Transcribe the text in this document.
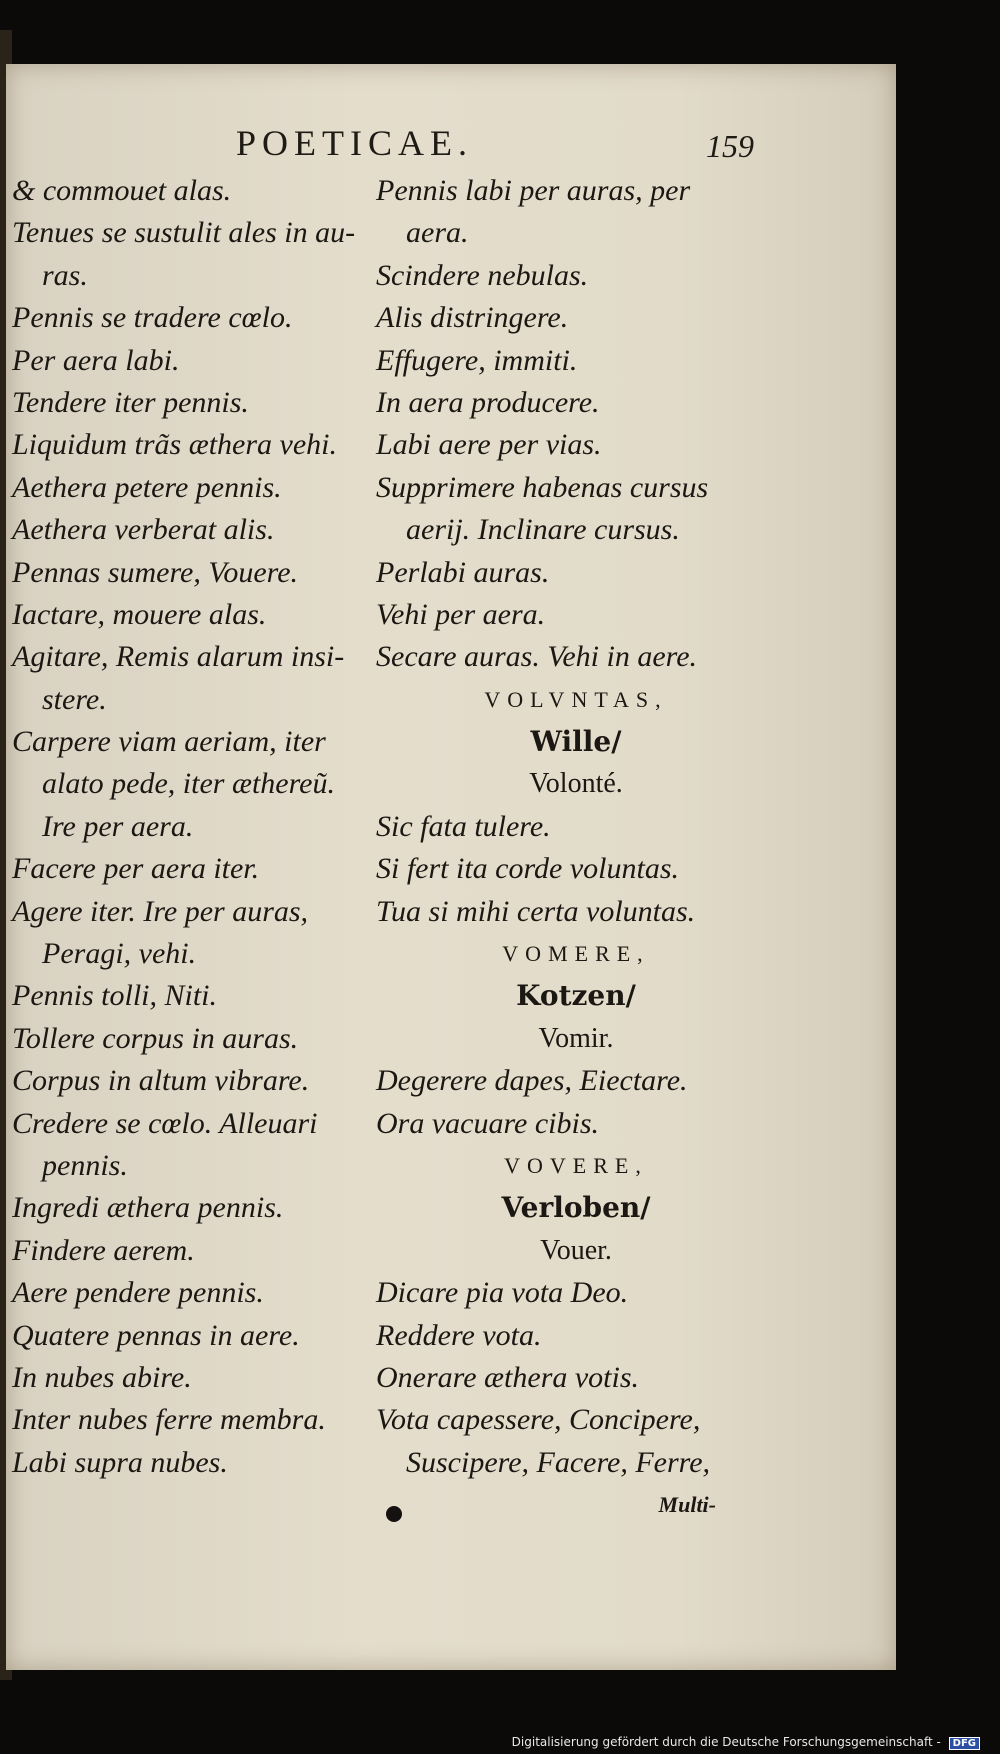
POETICAE.	159
& commouet alas.
Tenues se sustulit ales in au-
ras.
Pennis se tradere cœlo.
Per aera labi.
Tendere iter pennis.
Liquidum trãs æthera vehi.
Aethera petere pennis.
Aethera verberat alis.
Pennas sumere, Vouere.
Iactare, mouere alas.
Agitare, Remis alarum insi-
stere.
Carpere viam aeriam, iter
alato pede, iter æthereũ.
Ire per aera.
Facere per aera iter.
Agere iter. Ire per auras,
Peragi, vehi.
Pennis tolli, Niti.
Tollere corpus in auras.
Corpus in altum vibrare.
Credere se cœlo. Alleuari
pennis.
Ingredi æthera pennis.
Findere aerem.
Aere pendere pennis.
Quatere pennas in aere.
In nubes abire.
Inter nubes ferre membra.
Labi supra nubes.
Pennis labi per auras, per
aera.
Scindere nebulas.
Alis distringere.
Effugere, immiti.
In aera producere.
Labi aere per vias.
Supprimere habenas cursus
aerij. Inclinare cursus.
Perlabi auras.
Vehi per aera.
Secare auras. Vehi in aere.
VOLVNTAS,
Wille/
Volonté.
Sic fata tulere.
Si fert ita corde voluntas.
Tua si mihi certa voluntas.
VOMERE,
Kotzen/
Vomir.
Degerere dapes, Eiectare.
Ora vacuare cibis.
VOVERE,
Verloben/
Vouer.
Dicare pia vota Deo.
Reddere vota.
Onerare æthera votis.
Vota capessere, Concipere,
Suscipere, Facere, Ferre,
Multi-
Digitalisierung gefördert durch die Deutsche Forschungsgemeinschaft - DFG
